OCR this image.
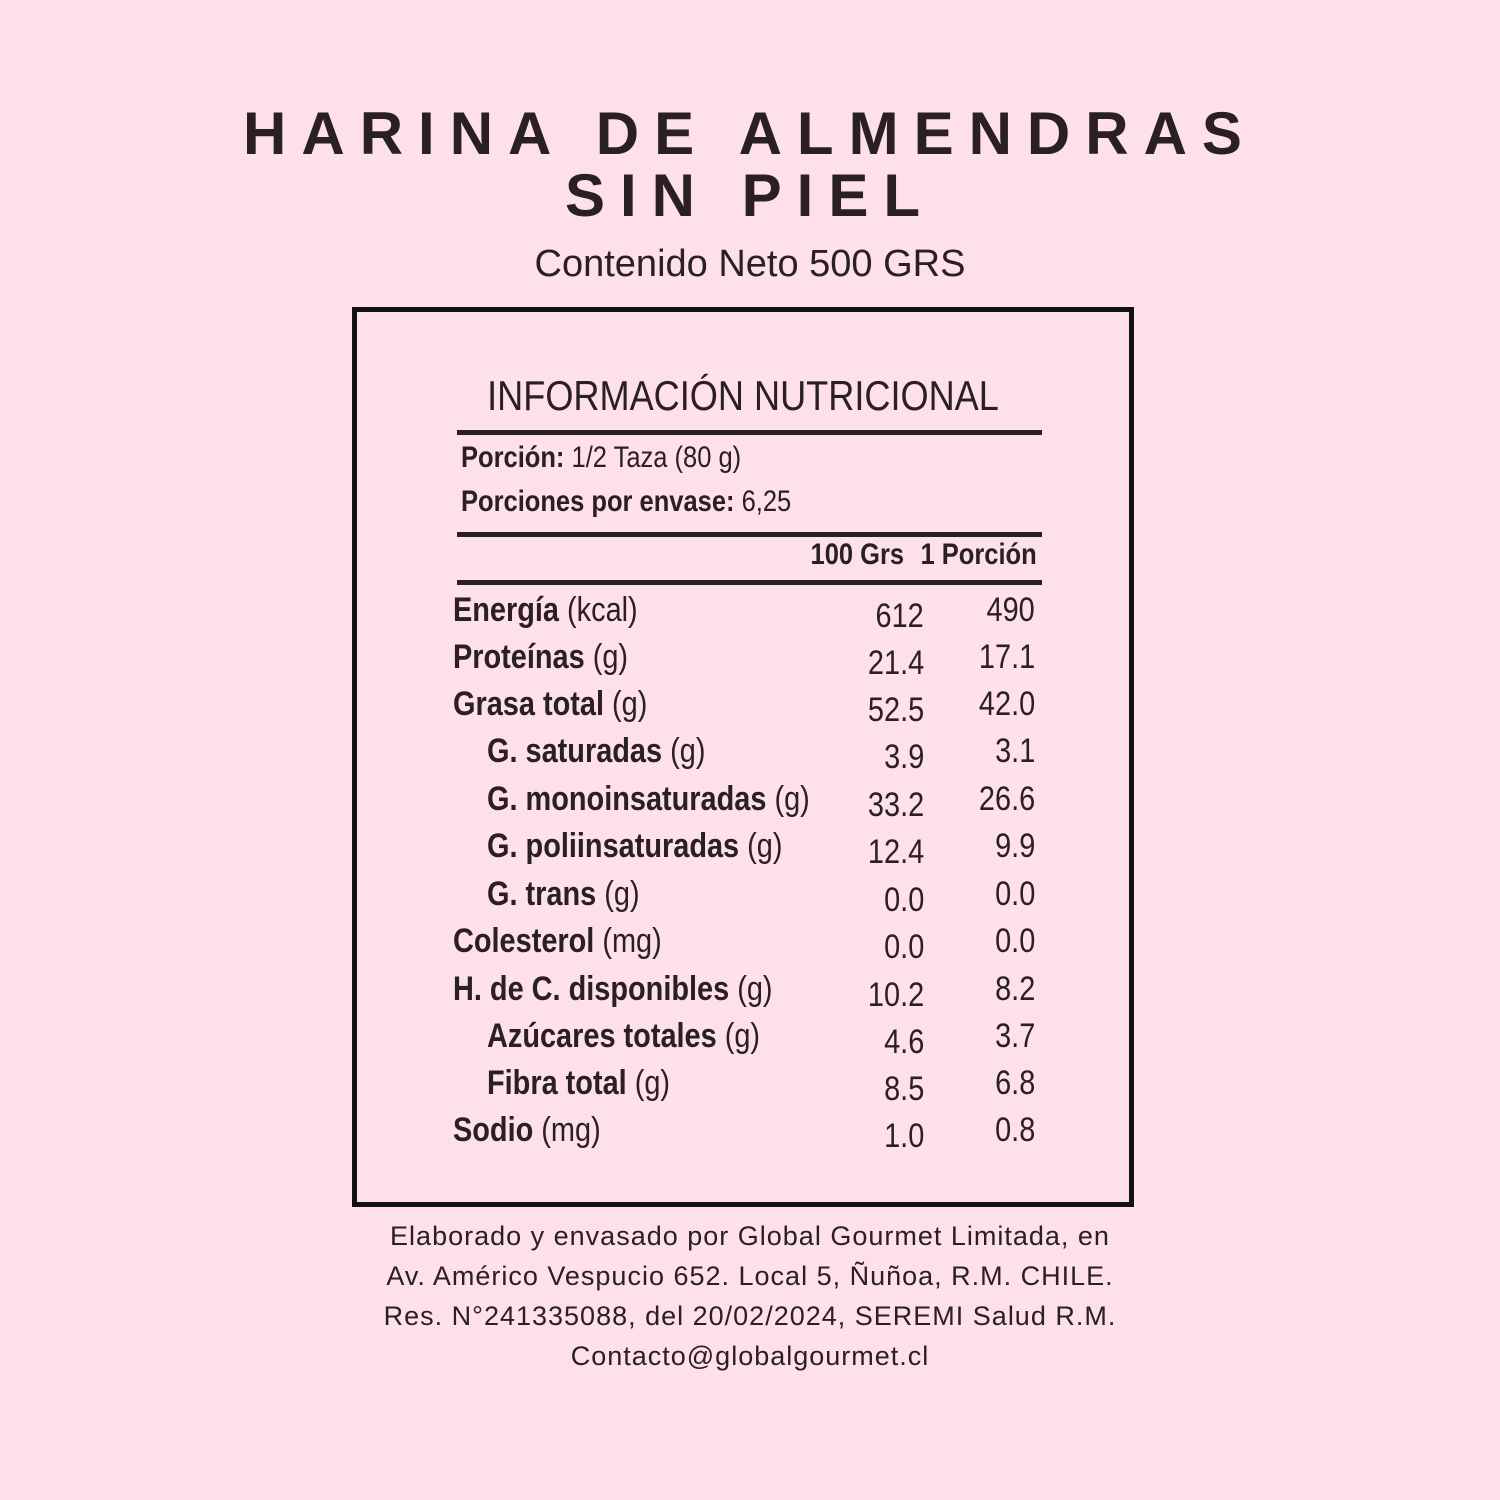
HARINA DE ALMENDRAS
SIN PIEL
Contenido Neto 500 GRS
INFORMACIÓN NUTRICIONAL
Porción: 1/2 Taza (80 g)
Porciones por envase: 6,25
100 Grs 1 Porción
Energía (kcal)	612 490
Proteínas (g)	21.4 17.1
Grasa total (g)	52.5 42.0
G. saturadas (g)	3.9 3.1
G. monoinsaturadas (g) 33.2 26.6
G. poliinsaturadas (g)	12.4 9.9
G. trans (g)	0.0 0.0
Colesterol (mg)	0.0 0.0
H. de C. disponibles (g)	10.2 8.2
Azúcares totales (g)	4.6 3.7
Fibra total (g)	8.5 6.8
Sodio (mg)	1.0 0.8
Elaborado y envasado por Global Gourmet Limitada, en
Av. Américo Vespucio 652. Local 5, Ñuñoa, R.M. CHILE.
Res. N°241335088, del 20/02/2024, SEREMI Salud R.M.
Contacto@globalgourmet.cl
